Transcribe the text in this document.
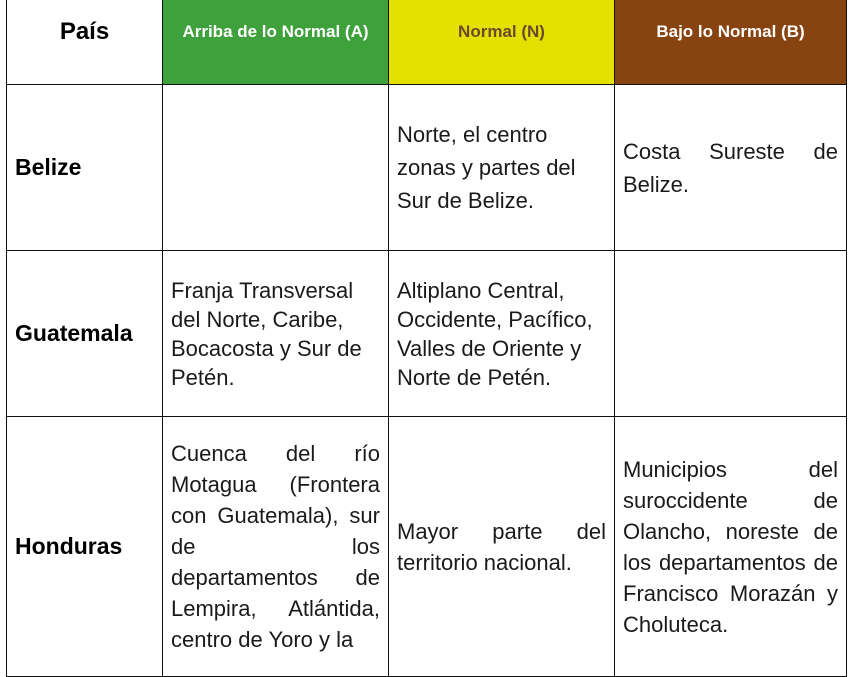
País	Arriba de lo Normal (A)	Normal (N)	Bajo lo Normal (B)
Belize		Norte, el centro zonas y partes del Sur de Belize.	Costa Sureste de Belize.
Guatemala	Franja Transversal del Norte, Caribe, Bocacosta y Sur de Petén.	Altiplano Central, Occidente, Pacífico, Valles de Oriente y Norte de Petén.	
Honduras	Cuenca del río Motagua (Frontera con Guatemala), sur de los departamentos de Lempira, Atlántida, centro de Yoro y la	Mayor parte del territorio nacional.	Municipios del suroccidente de Olancho, noreste de los departamentos de Francisco Morazán y Choluteca.
